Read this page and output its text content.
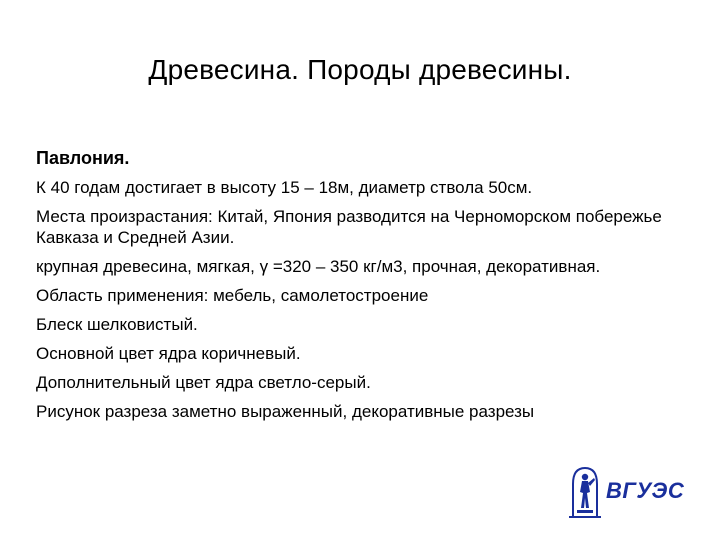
Древесина. Породы древесины.
Павлония.
К 40 годам достигает в высоту 15 – 18м, диаметр ствола 50см.
Места произрастания: Китай, Япония разводится на Черноморском побережье Кавказа и Средней Азии.
крупная древесина, мягкая, γ =320 – 350 кг/м3, прочная, декоративная.
Область применения: мебель, самолетостроение
Блеск шелковистый.
Основной цвет ядра коричневый.
Дополнительный цвет ядра светло-серый.
Рисунок разреза заметно выраженный, декоративные разрезы
ВГУЭС
